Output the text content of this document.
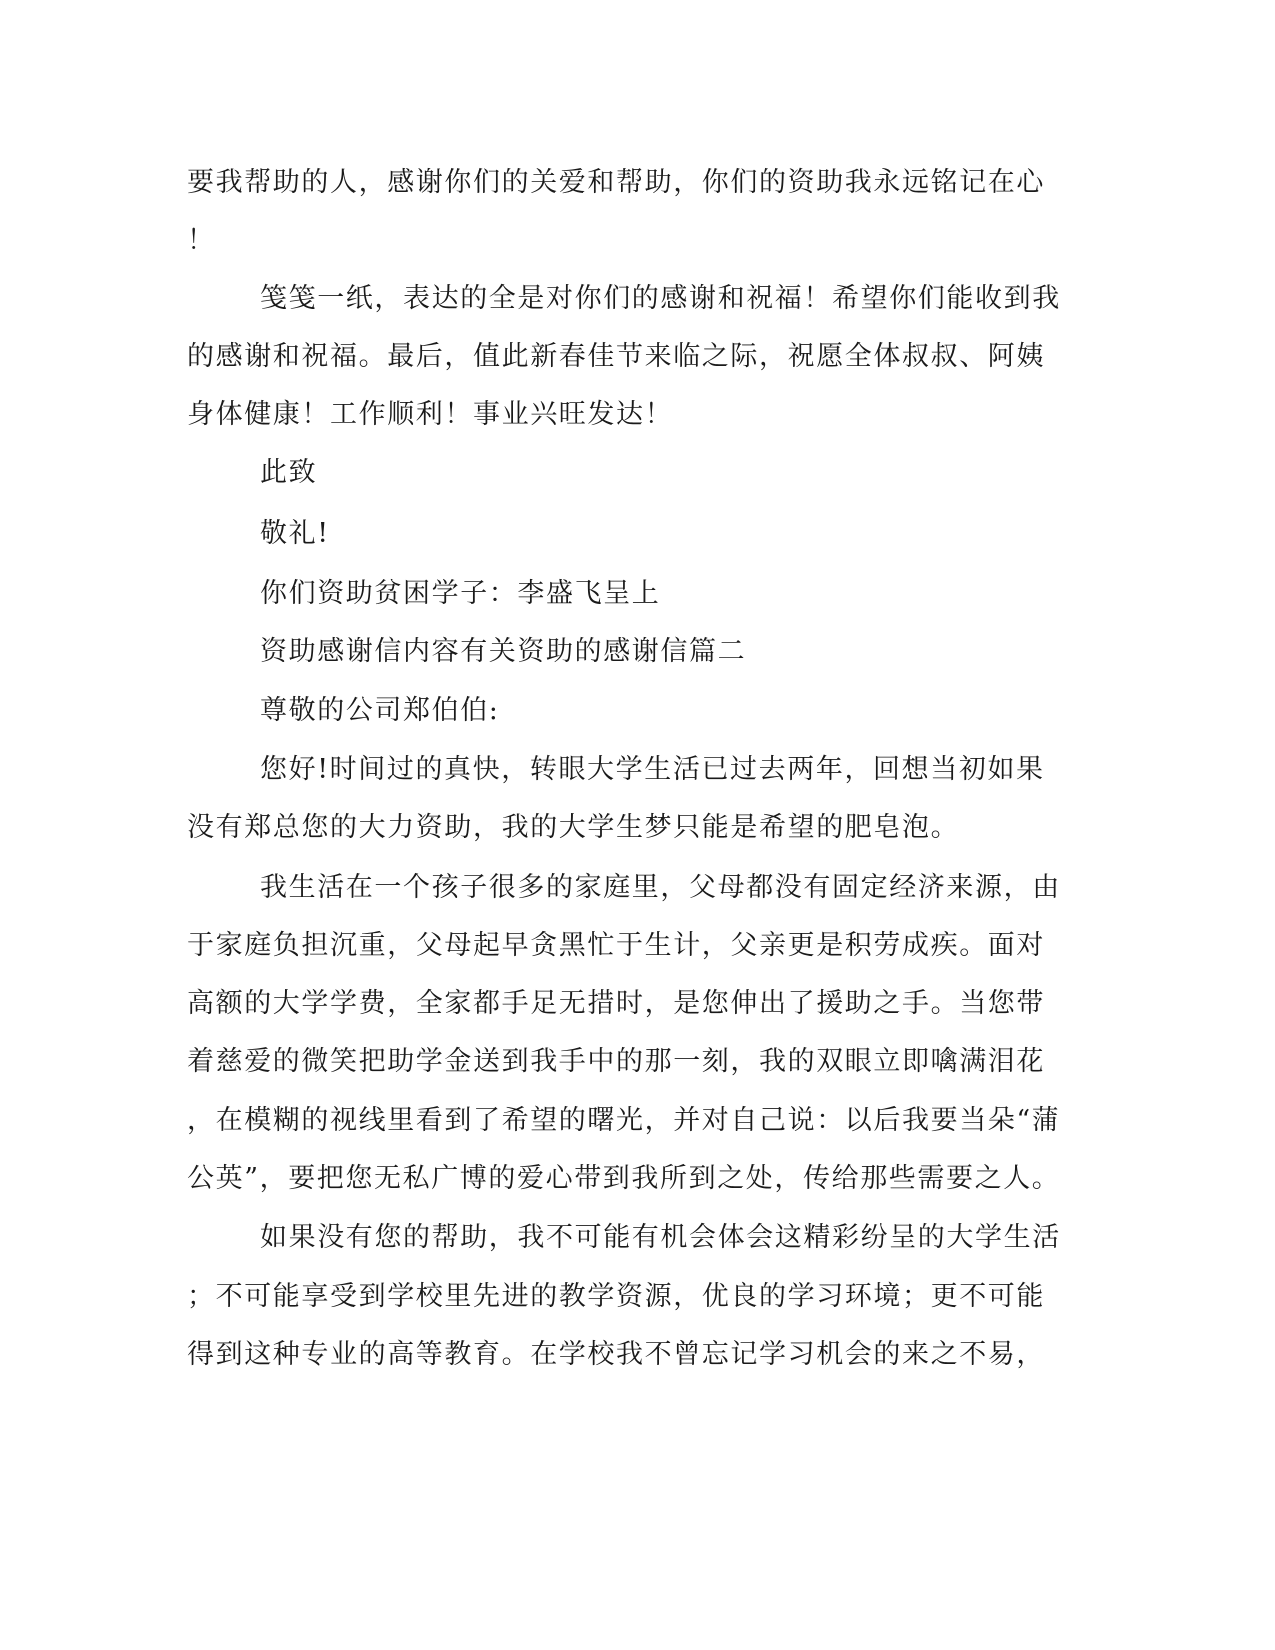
要我帮助的人，感谢你们的关爱和帮助，你们的资助我永远铭记在心
！
笺笺一纸，表达的全是对你们的感谢和祝福！希望你们能收到我
的感谢和祝福。最后，值此新春佳节来临之际，祝愿全体叔叔、阿姨
身体健康！工作顺利！事业兴旺发达！
此致
敬礼!
你们资助贫困学子：李盛飞呈上
资助感谢信内容有关资助的感谢信篇二
尊敬的公司郑伯伯:
您好!时间过的真快，转眼大学生活已过去两年，回想当初如果
没有郑总您的大力资助，我的大学生梦只能是希望的肥皂泡。
我生活在一个孩子很多的家庭里，父母都没有固定经济来源，由
于家庭负担沉重，父母起早贪黑忙于生计，父亲更是积劳成疾。面对
高额的大学学费，全家都手足无措时，是您伸出了援助之手。当您带
着慈爱的微笑把助学金送到我手中的那一刻，我的双眼立即噙满泪花
，在模糊的视线里看到了希望的曙光，并对自己说：以后我要当朵“蒲
公英”，要把您无私广博的爱心带到我所到之处，传给那些需要之人。
如果没有您的帮助，我不可能有机会体会这精彩纷呈的大学生活
；不可能享受到学校里先进的教学资源，优良的学习环境；更不可能
得到这种专业的高等教育。在学校我不曾忘记学习机会的来之不易，
